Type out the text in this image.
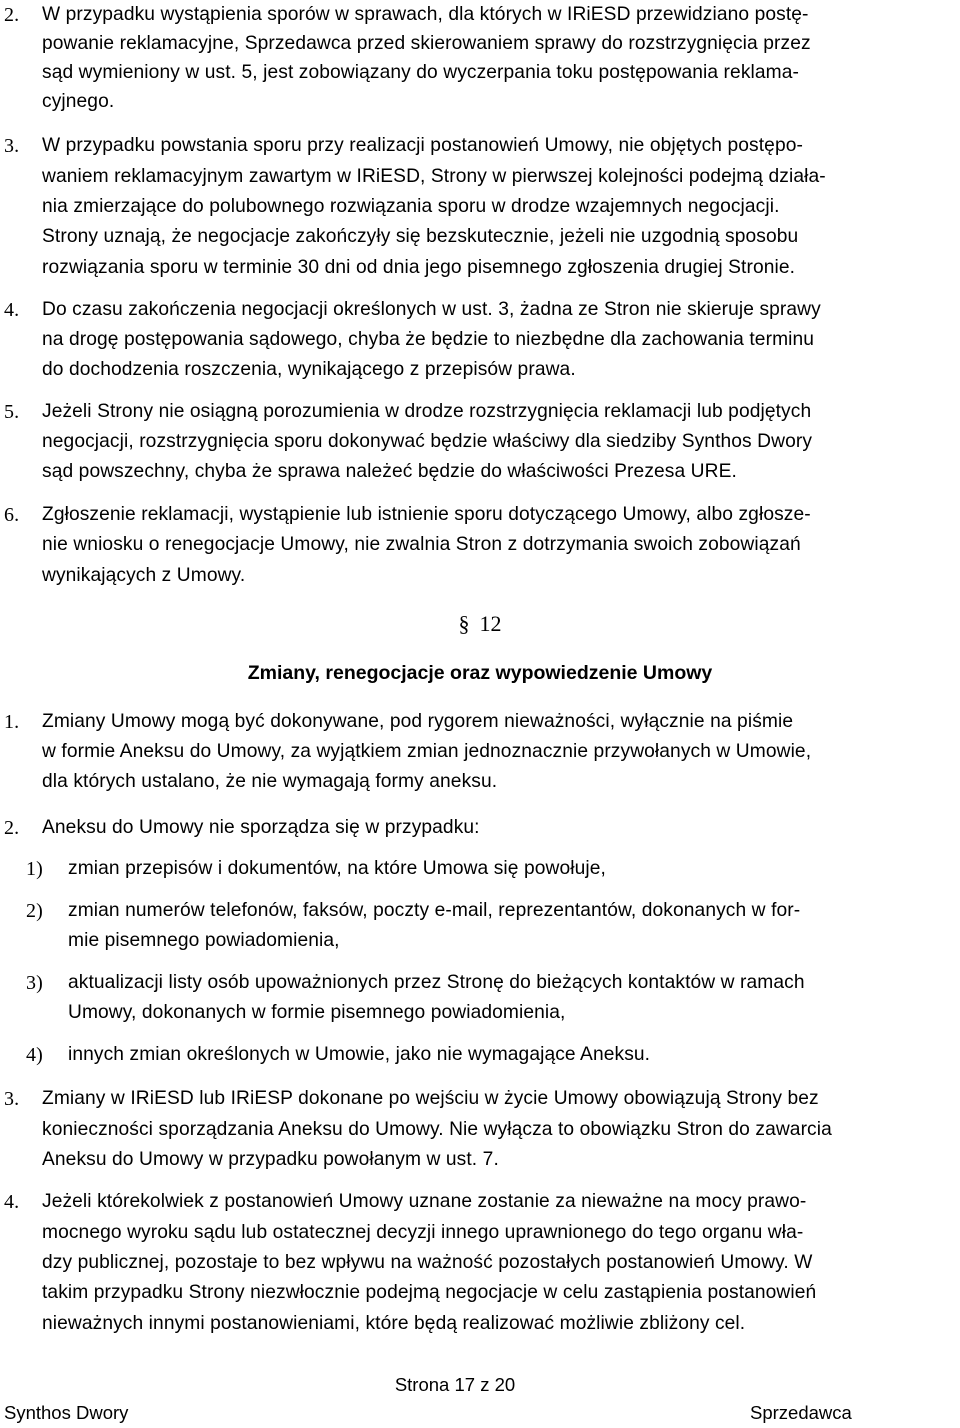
2. W przypadku wystąpienia sporów w sprawach, dla których w IRiESD przewidziano postę-
powanie reklamacyjne, Sprzedawca przed skierowaniem sprawy do rozstrzygnięcia przez
sąd wymieniony w ust. 5, jest zobowiązany do wyczerpania toku postępowania reklama-
cyjnego.
3. W przypadku powstania sporu przy realizacji postanowień Umowy, nie objętych postępo-
waniem reklamacyjnym zawartym w IRiESD, Strony w pierwszej kolejności podejmą działa-
nia zmierzające do polubownego rozwiązania sporu w drodze wzajemnych negocjacji.
Strony uznają, że negocjacje zakończyły się bezskutecznie, jeżeli nie uzgodnią sposobu
rozwiązania sporu w terminie 30 dni od dnia jego pisemnego zgłoszenia drugiej Stronie.
4. Do czasu zakończenia negocjacji określonych w ust. 3, żadna ze Stron nie skieruje sprawy
na drogę postępowania sądowego, chyba że będzie to niezbędne dla zachowania terminu
do dochodzenia roszczenia, wynikającego z przepisów prawa.
5. Jeżeli Strony nie osiągną porozumienia w drodze rozstrzygnięcia reklamacji lub podjętych
negocjacji, rozstrzygnięcia sporu dokonywać będzie właściwy dla siedziby Synthos Dwory
sąd powszechny, chyba że sprawa należeć będzie do właściwości Prezesa URE.
6. Zgłoszenie reklamacji, wystąpienie lub istnienie sporu dotyczącego Umowy, albo zgłosze-
nie wniosku o renegocjacje Umowy, nie zwalnia Stron z dotrzymania swoich zobowiązań
wynikających z Umowy.
§ 12
Zmiany, renegocjacje oraz wypowiedzenie Umowy
1. Zmiany Umowy mogą być dokonywane, pod rygorem nieważności, wyłącznie na piśmie
w formie Aneksu do Umowy, za wyjątkiem zmian jednoznacznie przywołanych w Umowie,
dla których ustalano, że nie wymagają formy aneksu.
2. Aneksu do Umowy nie sporządza się w przypadku:
1) zmian przepisów i dokumentów, na które Umowa się powołuje,
2) zmian numerów telefonów, faksów, poczty e-mail, reprezentantów, dokonanych w for-
mie pisemnego powiadomienia,
3) aktualizacji listy osób upoważnionych przez Stronę do bieżących kontaktów w ramach
Umowy, dokonanych w formie pisemnego powiadomienia,
4) innych zmian określonych w Umowie, jako nie wymagające Aneksu.
3. Zmiany w IRiESD lub IRiESP dokonane po wejściu w życie Umowy obowiązują Strony bez
konieczności sporządzania Aneksu do Umowy. Nie wyłącza to obowiązku Stron do zawarcia
Aneksu do Umowy w przypadku powołanym w ust. 7.
4. Jeżeli którekolwiek z postanowień Umowy uznane zostanie za nieważne na mocy prawo-
mocnego wyroku sądu lub ostatecznej decyzji innego uprawnionego do tego organu wła-
dzy publicznej, pozostaje to bez wpływu na ważność pozostałych postanowień Umowy. W
takim przypadku Strony niezwłocznie podejmą negocjacje w celu zastąpienia postanowień
nieważnych innymi postanowieniami, które będą realizować możliwie zbliżony cel.
Strona 17 z 20
Synthos Dwory	Sprzedawca
